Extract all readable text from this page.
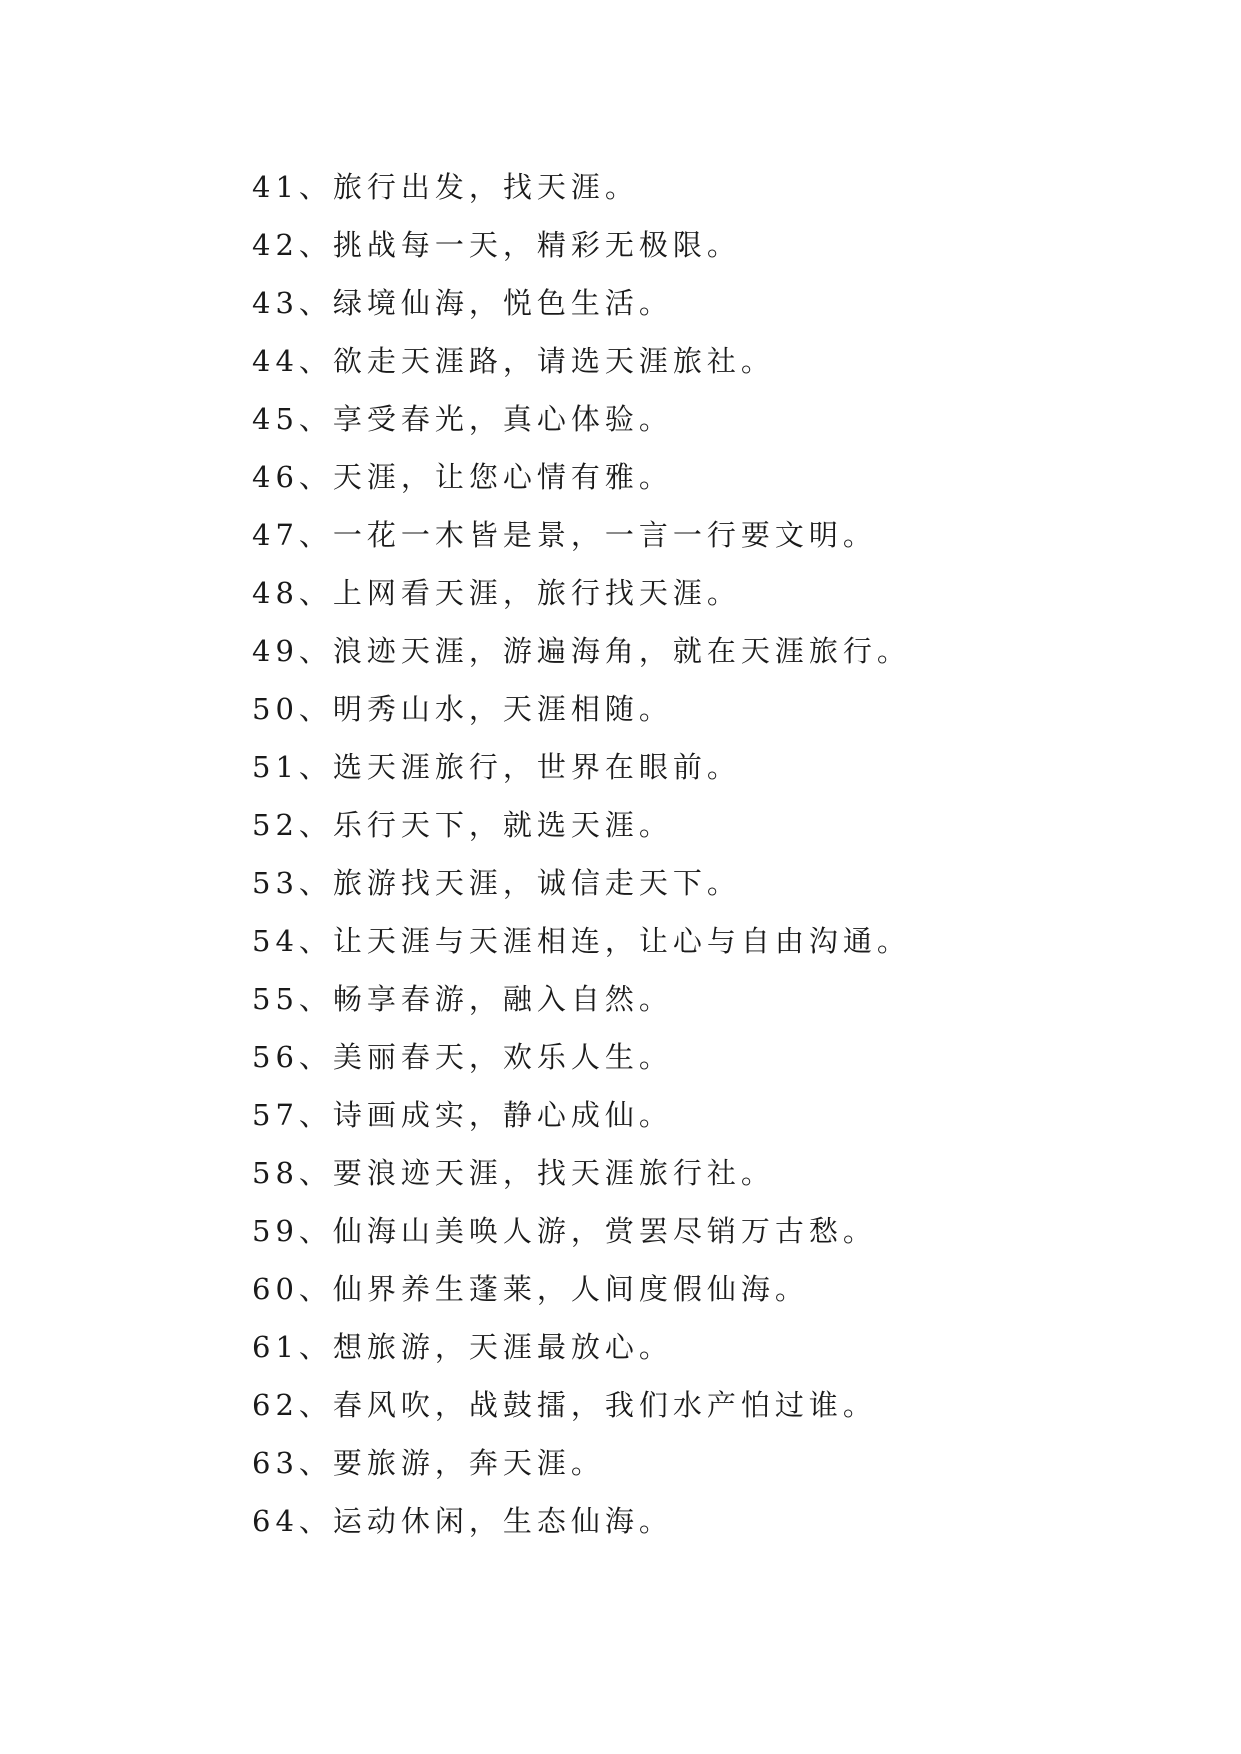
41、旅行出发，找天涯。
42、挑战每一天，精彩无极限。
43、绿境仙海，悦色生活。
44、欲走天涯路，请选天涯旅社。
45、享受春光，真心体验。
46、天涯，让您心情有雅。
47、一花一木皆是景，一言一行要文明。
48、上网看天涯，旅行找天涯。
49、浪迹天涯，游遍海角，就在天涯旅行。
50、明秀山水，天涯相随。
51、选天涯旅行，世界在眼前。
52、乐行天下，就选天涯。
53、旅游找天涯，诚信走天下。
54、让天涯与天涯相连，让心与自由沟通。
55、畅享春游，融入自然。
56、美丽春天，欢乐人生。
57、诗画成实，静心成仙。
58、要浪迹天涯，找天涯旅行社。
59、仙海山美唤人游，赏罢尽销万古愁。
60、仙界养生蓬莱，人间度假仙海。
61、想旅游，天涯最放心。
62、春风吹，战鼓擂，我们水产怕过谁。
63、要旅游，奔天涯。
64、运动休闲，生态仙海。
